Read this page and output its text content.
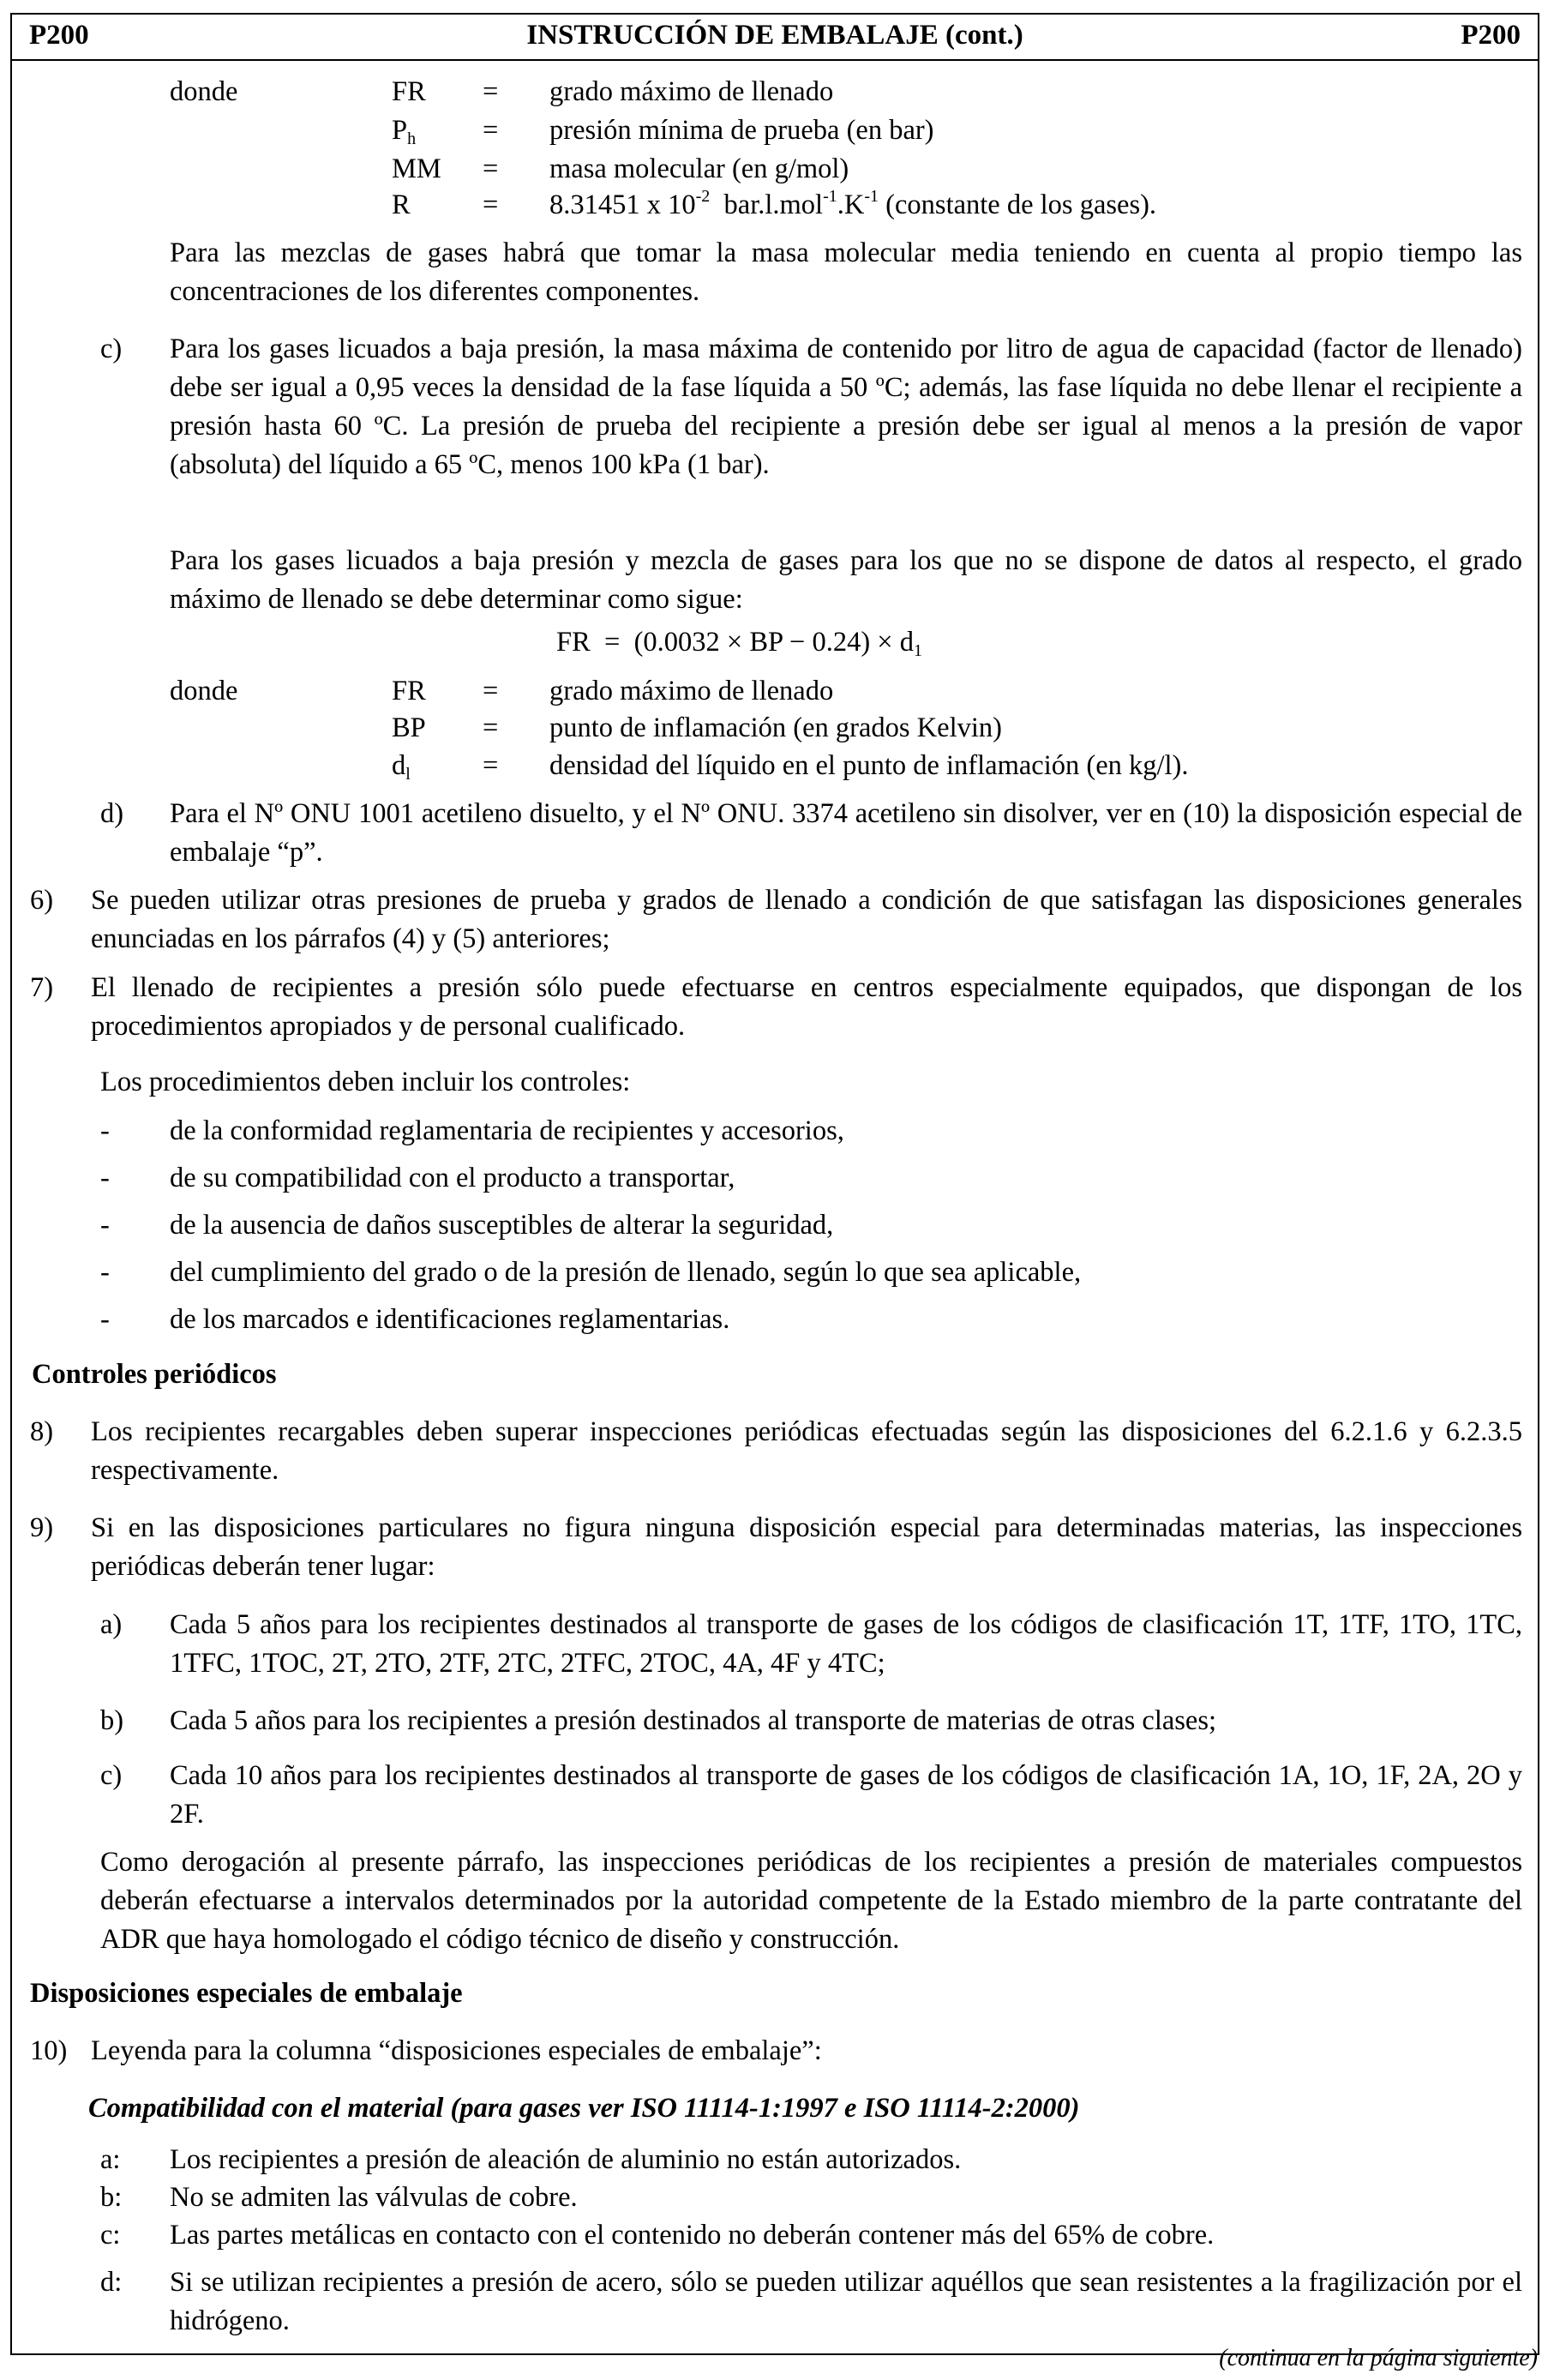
P200	INSTRUCCIÓN DE EMBALAJE (cont.)	P200
donde	FR = grado máximo de llenado
$P_h$ = presión mínima de prueba (en bar)
MM = masa molecular (en g/mol)
R	= 8.31451 x $10^{-2}$  $bar.l.mol^{-1}.K^{-1}$ (constante de los gases).
Para las mezclas de gases habrá que tomar la masa molecular media teniendo en cuenta al propio tiempo las concentraciones de los diferentes componentes.
c) Para los gases licuados a baja presión, la masa máxima de contenido por litro de agua de capacidad (factor de llenado) debe ser igual a 0,95 veces la densidad de la fase líquida a 50 ºC; además, las fase líquida no debe llenar el recipiente a presión hasta 60 ºC. La presión de prueba del recipiente a presión debe ser igual al menos a la presión de vapor (absoluta) del líquido a 65 ºC, menos 100 kPa (1 bar).
Para los gases licuados a baja presión y mezcla de gases para los que no se dispone de datos al respecto, el grado máximo de llenado se debe determinar como sigue:
FR  =  (0.0032 × BP − $0.24) \times d_1$
donde	FR = grado máximo de llenado
BP = punto de inflamación (en grados Kelvin)
$d_l$	= densidad del líquido en el punto de inflamación (en kg/l).
d) Para el Nº ONU 1001 acetileno disuelto, y el Nº ONU. 3374 acetileno sin disolver, ver en (10) la disposición especial de embalaje “p”.
6) Se pueden utilizar otras presiones de prueba y grados de llenado a condición de que satisfagan las disposiciones generales enunciadas en los párrafos (4) y (5) anteriores;
7) El llenado de recipientes a presión sólo puede efectuarse en centros especialmente equipados, que dispongan de los procedimientos apropiados y de personal cualificado.
Los procedimientos deben incluir los controles:
- de la conformidad reglamentaria de recipientes y accesorios,
- de su compatibilidad con el producto a transportar,
- de la ausencia de daños susceptibles de alterar la seguridad,
- del cumplimiento del grado o de la presión de llenado, según lo que sea aplicable,
- de los marcados e identificaciones reglamentarias.
Controles periódicos
8) Los recipientes recargables deben superar inspecciones periódicas efectuadas según las disposiciones del 6.2.1.6 y 6.2.3.5 respectivamente.
9) Si en las disposiciones particulares no figura ninguna disposición especial para determinadas materias, las inspecciones periódicas deberán tener lugar:
a) Cada 5 años para los recipientes destinados al transporte de gases de los códigos de clasificación 1T, 1TF, 1TO, 1TC, 1TFC, 1TOC, 2T, 2TO, 2TF, 2TC, 2TFC, 2TOC, 4A, 4F y 4TC;
b) Cada 5 años para los recipientes a presión destinados al transporte de materias de otras clases;
c) Cada 10 años para los recipientes destinados al transporte de gases de los códigos de clasificación 1A, 1O, 1F, 2A, 2O y 2F.
Como derogación al presente párrafo, las inspecciones periódicas de los recipientes a presión de materiales compuestos deberán efectuarse a intervalos determinados por la autoridad competente de la Estado miembro de la parte contratante del ADR que haya homologado el código técnico de diseño y construcción.
Disposiciones especiales de embalaje
10) Leyenda para la columna “disposiciones especiales de embalaje”:
Compatibilidad con el material (para gases ver ISO 11114-1:1997 e ISO 11114-2:2000)
a: Los recipientes a presión de aleación de aluminio no están autorizados.
b: No se admiten las válvulas de cobre.
c: Las partes metálicas en contacto con el contenido no deberán contener más del 65% de cobre.
d: Si se utilizan recipientes a presión de acero, sólo se pueden utilizar aquéllos que sean resistentes a la fragilización por el hidrógeno.
(continua en la página siguiente)
